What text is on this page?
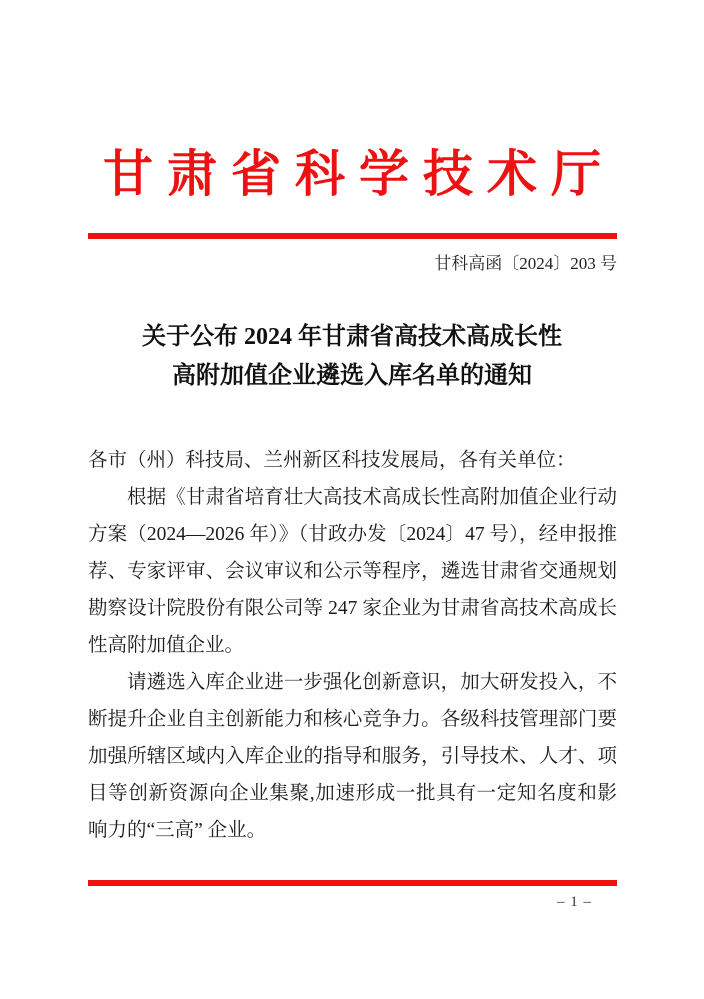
甘肃省科学技术厅
甘科高函〔2024〕203 号
关于公布 2024 年甘肃省高技术高成长性
高附加值企业遴选入库名单的通知

各市（州）科技局、兰州新区科技发展局，各有关单位：

根据《甘肃省培育壮大高技术高成长性高附加值企业行动方案（2024—2026 年）》（甘政办发〔2024〕47 号），经申报推荐、专家评审、会议审议和公示等程序，遴选甘肃省交通规划勘察设计院股份有限公司等 247 家企业为甘肃省高技术高成长性高附加值企业。

请遴选入库企业进一步强化创新意识，加大研发投入，不断提升企业自主创新能力和核心竞争力。各级科技管理部门要加强所辖区域内入库企业的指导和服务，引导技术、人才、项目等创新资源向企业集聚,加速形成一批具有一定知名度和影响力的“三高” 企业。

– 1 –
